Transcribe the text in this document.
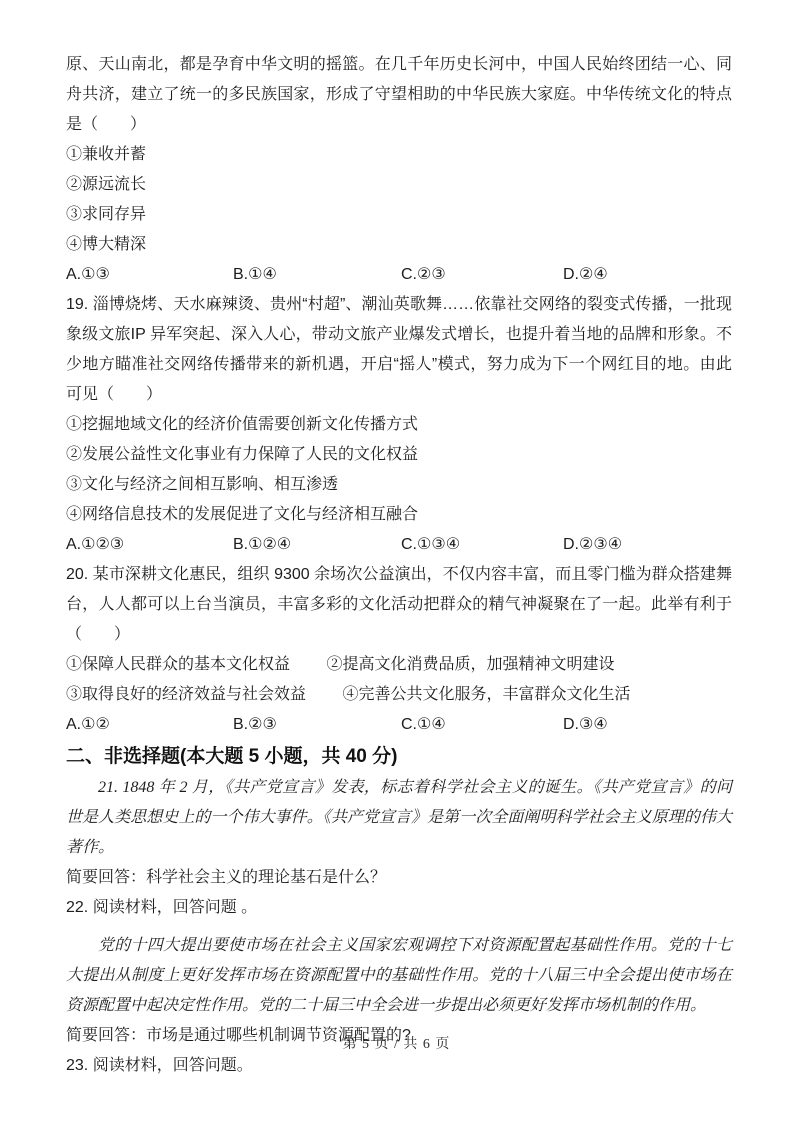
原、天山南北，都是孕育中华文明的摇篮。在几千年历史长河中，中国人民始终团结一心、同舟共济，建立了统一的多民族国家，形成了守望相助的中华民族大家庭。中华传统文化的特点是（　　）

①兼收并蓄

②源远流长

③求同存异

④博大精深

A.①③	B.①④	C.②③	D.②④

19. 淄博烧烤、天水麻辣烫、贵州“村超”、潮汕英歌舞……依靠社交网络的裂变式传播，一批现象级文旅IP 异军突起、深入人心，带动文旅产业爆发式增长，也提升着当地的品牌和形象。不少地方瞄准社交网络传播带来的新机遇，开启“摇人”模式，努力成为下一个网红目的地。由此可见（　　）

①挖掘地域文化的经济价值需要创新文化传播方式

②发展公益性文化事业有力保障了人民的文化权益

③文化与经济之间相互影响、相互渗透

④网络信息技术的发展促进了文化与经济相互融合

A.①②③	B.①②④	C.①③④	D.②③④

20. 某市深耕文化惠民，组织 9300 余场次公益演出，不仅内容丰富，而且零门槛为群众搭建舞台，人人都可以上台当演员，丰富多彩的文化活动把群众的精气神凝聚在了一起。此举有利于（　　）

①保障人民群众的基本文化权益 ②提高文化消费品质，加强精神文明建设

③取得良好的经济效益与社会效益 ④完善公共文化服务，丰富群众文化生活

A.①②	B.②③	C.①④	D.③④
二、非选择题(本大题 5 小题，共 40 分)

21. 1848 年 2 月，《共产党宣言》发表，标志着科学社会主义的诞生。《共产党宣言》的问世是人类思想史上的一个伟大事件。《共产党宣言》是第一次全面阐明科学社会主义原理的伟大著作。

简要回答：科学社会主义的理论基石是什么？

22. 阅读材料，回答问题 。

党的十四大提出要使市场在社会主义国家宏观调控下对资源配置起基础性作用。党的十七大提出从制度上更好发挥市场在资源配置中的基础性作用。党的十八届三中全会提出使市场在资源配置中起决定性作用。党的二十届三中全会进一步提出必须更好发挥市场机制的作用。

简要回答：市场是通过哪些机制调节资源配置的?

23. 阅读材料，回答问题。

第 5 页 / 共 6 页
